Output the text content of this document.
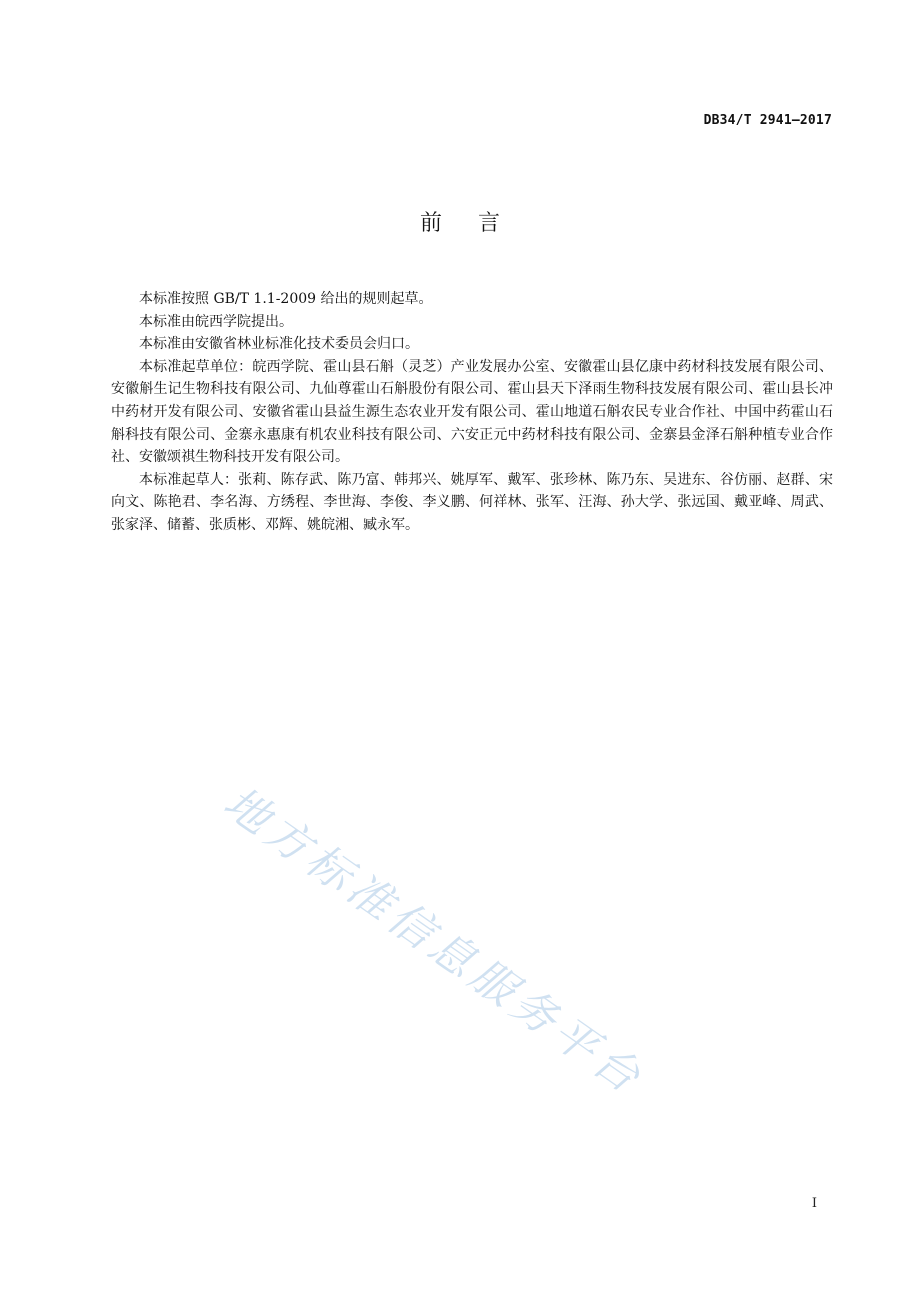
DB34/T 2941—2017
前言

本标准按照 GB/T 1.1-2009 给出的规则起草。

本标准由皖西学院提出。

本标准由安徽省林业标准化技术委员会归口。

本标准起草单位：皖西学院、霍山县石斛（灵芝）产业发展办公室、安徽霍山县亿康中药材科技发展有限公司、安徽斛生记生物科技有限公司、九仙尊霍山石斛股份有限公司、霍山县天下泽雨生物科技发展有限公司、霍山县长冲中药材开发有限公司、安徽省霍山县益生源生态农业开发有限公司、霍山地道石斛农民专业合作社、中国中药霍山石斛科技有限公司、金寨永惠康有机农业科技有限公司、六安正元中药材科技有限公司、金寨县金泽石斛种植专业合作社、安徽颂祺生物科技开发有限公司。

本标准起草人：张莉、陈存武、陈乃富、韩邦兴、姚厚军、戴军、张珍林、陈乃东、吴进东、谷仿丽、赵群、宋向文、陈艳君、李名海、方绣程、李世海、李俊、李义鹏、何祥林、张军、汪海、孙大学、张远国、戴亚峰、周武、张家泽、储蓄、张质彬、邓辉、姚皖湘、臧永军。

地方标准信息服务平台
I
